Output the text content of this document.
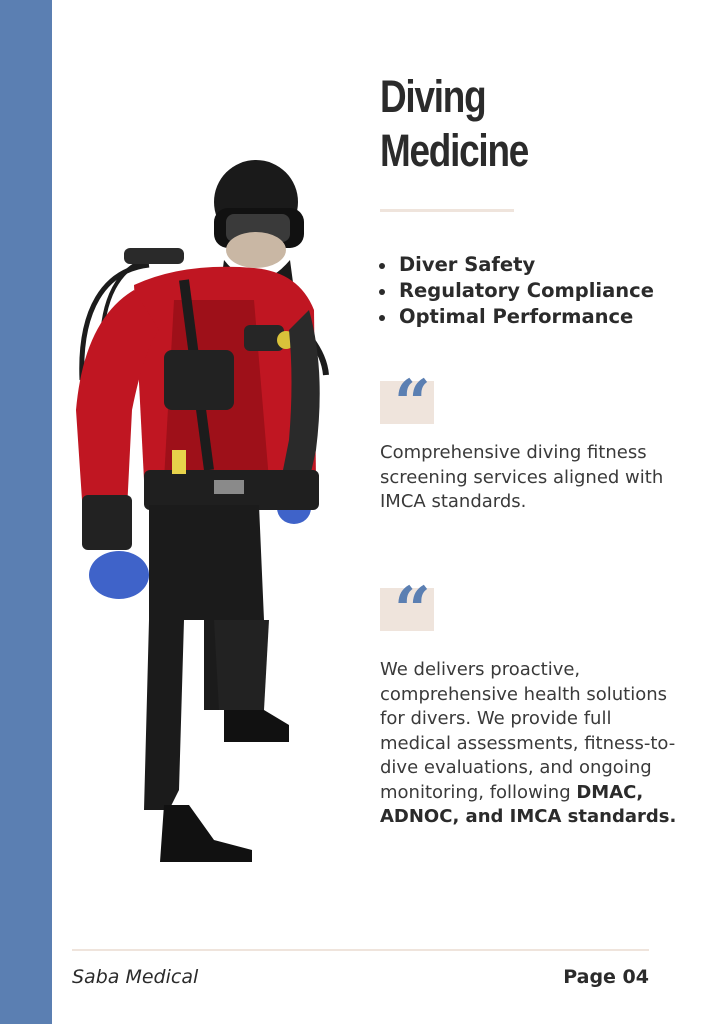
Diving
Medicine
Diver Safety
Regulatory Compliance
Optimal Performance
“

Comprehensive diving fitness screening services aligned with IMCA standards.

“

We delivers proactive, comprehensive health solutions for divers. We provide full medical assessments, fitness-to-dive evaluations, and ongoing monitoring, following DMAC, ADNOC, and IMCA standards.

Saba Medical	Page 04
